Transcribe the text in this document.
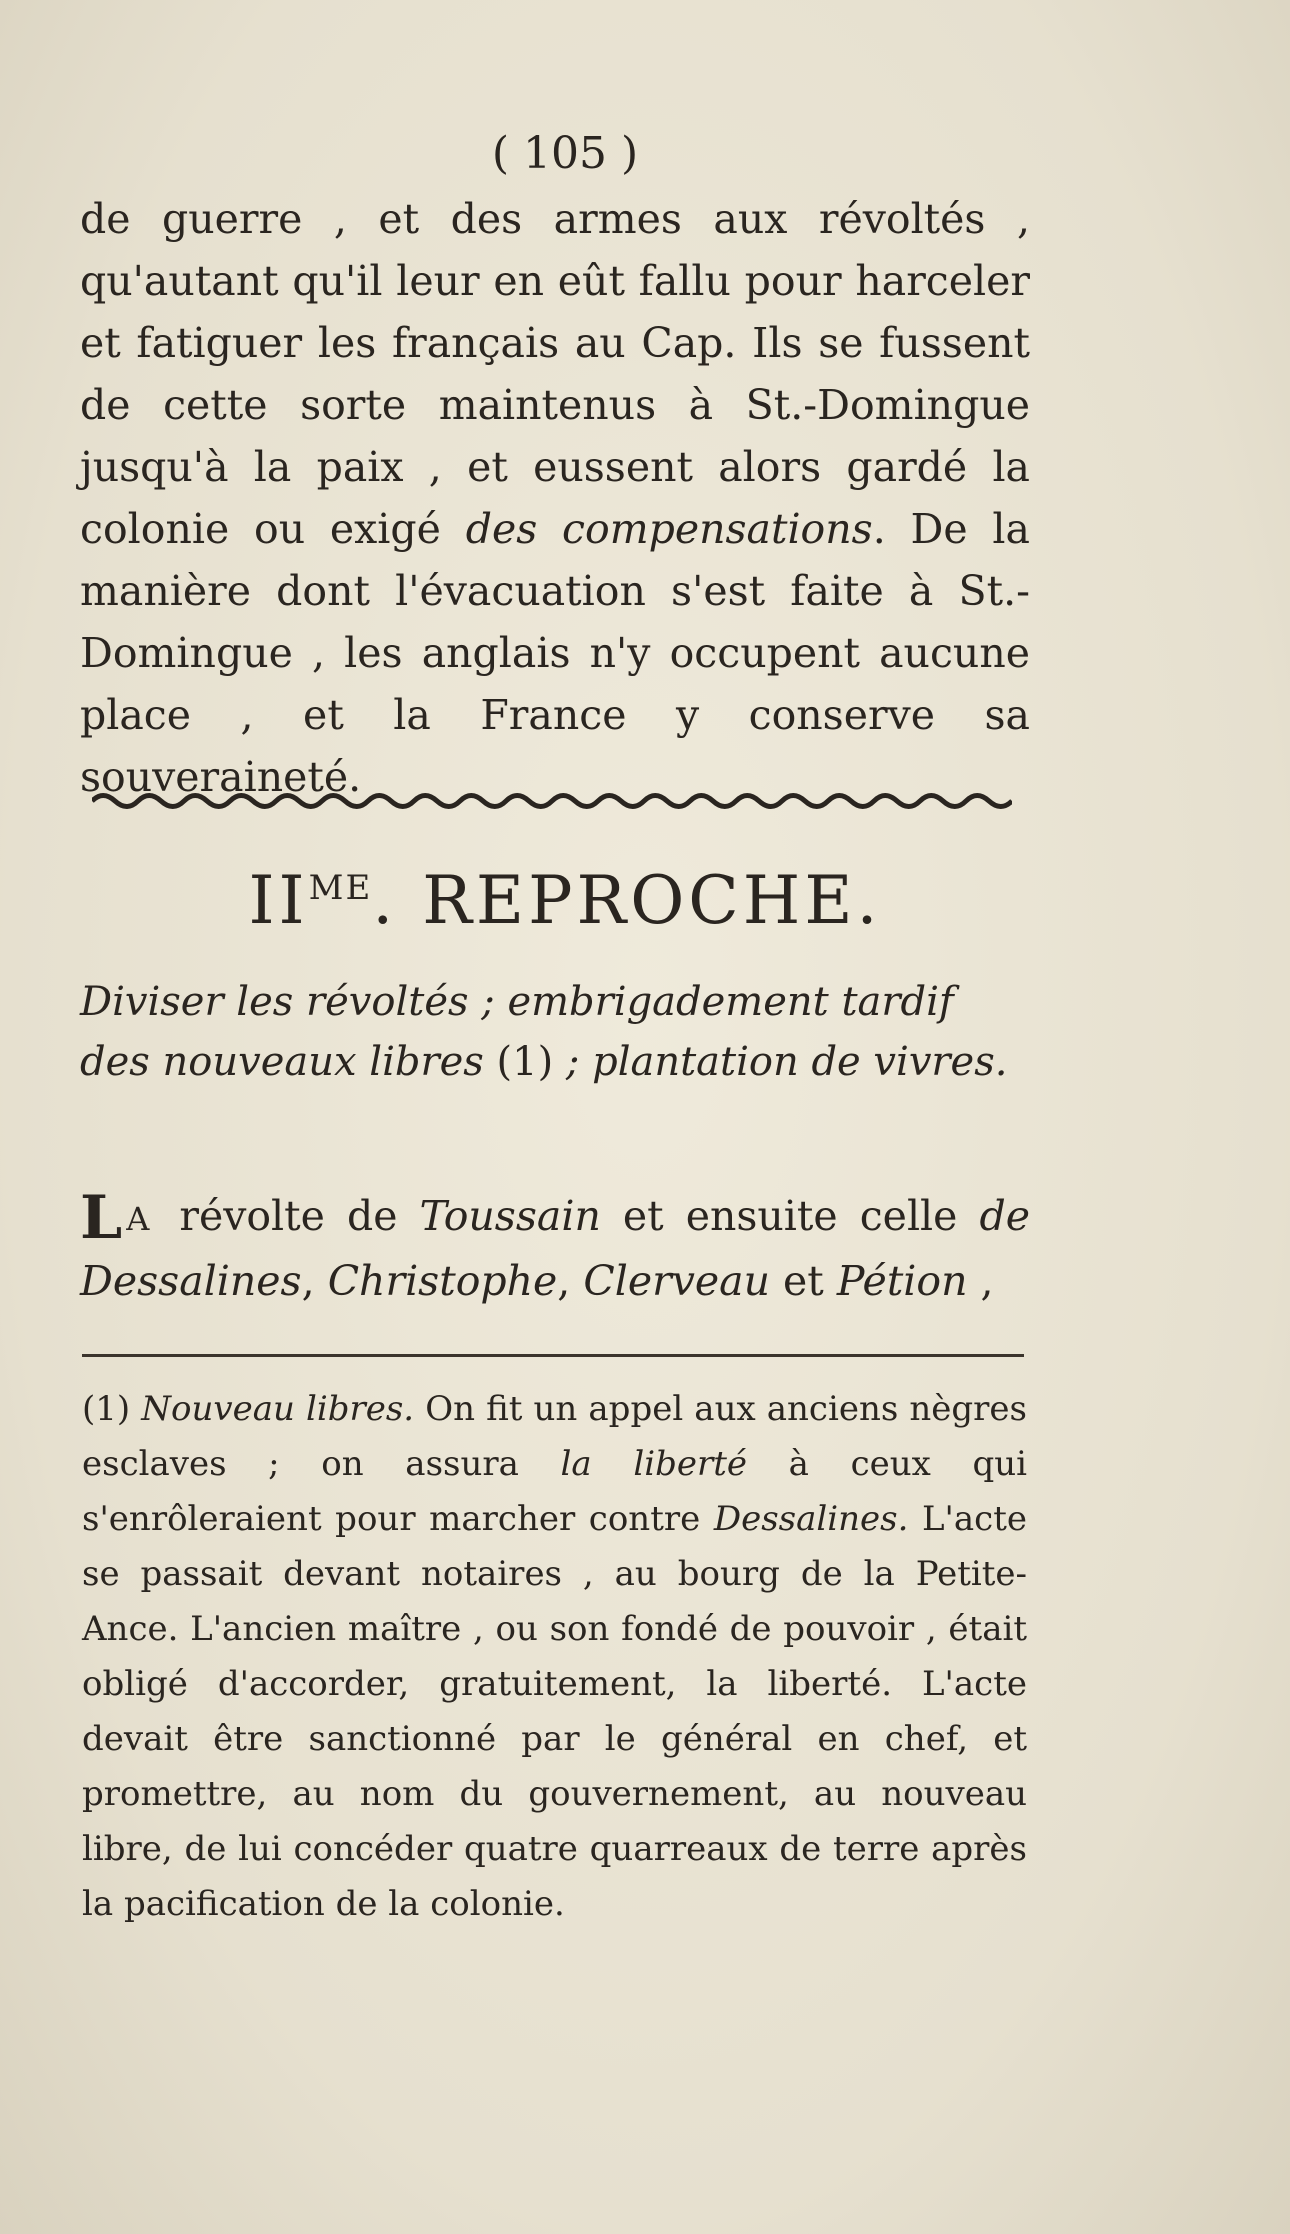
( 105 )
de guerre , et des armes aux révoltés , qu'autant qu'il leur en eût fallu pour harceler et fatiguer les français au Cap. Ils se fussent de cette sorte maintenus à St.-Domingue jusqu'à la paix , et eussent alors gardé la colonie ou exigé des compensations. De la manière dont l'évacuation s'est faite à St.-Domingue , les anglais n'y occupent aucune place , et la France y conserve sa souveraineté.
$II^{ME}$. REPROCHE.
Diviser les révoltés ; embrigadement tardif des nouveaux libres (1) ; plantation de vivres.
L A révolte de Toussain et ensuite celle de Dessalines, Christophe, Clerveau et Pétion ,
(1) Nouveau libres. On fit un appel aux anciens nègres esclaves ; on assura la liberté à ceux qui s'enrôleraient pour marcher contre Dessalines. L'acte se passait devant notaires , au bourg de la Petite-Ance. L'ancien maître , ou son fondé de pouvoir , était obligé d'accorder, gratuitement, la liberté. L'acte devait être sanctionné par le général en chef, et promettre, au nom du gouvernement, au nouveau libre, de lui concéder quatre quarreaux de terre après la pacification de la colonie.
